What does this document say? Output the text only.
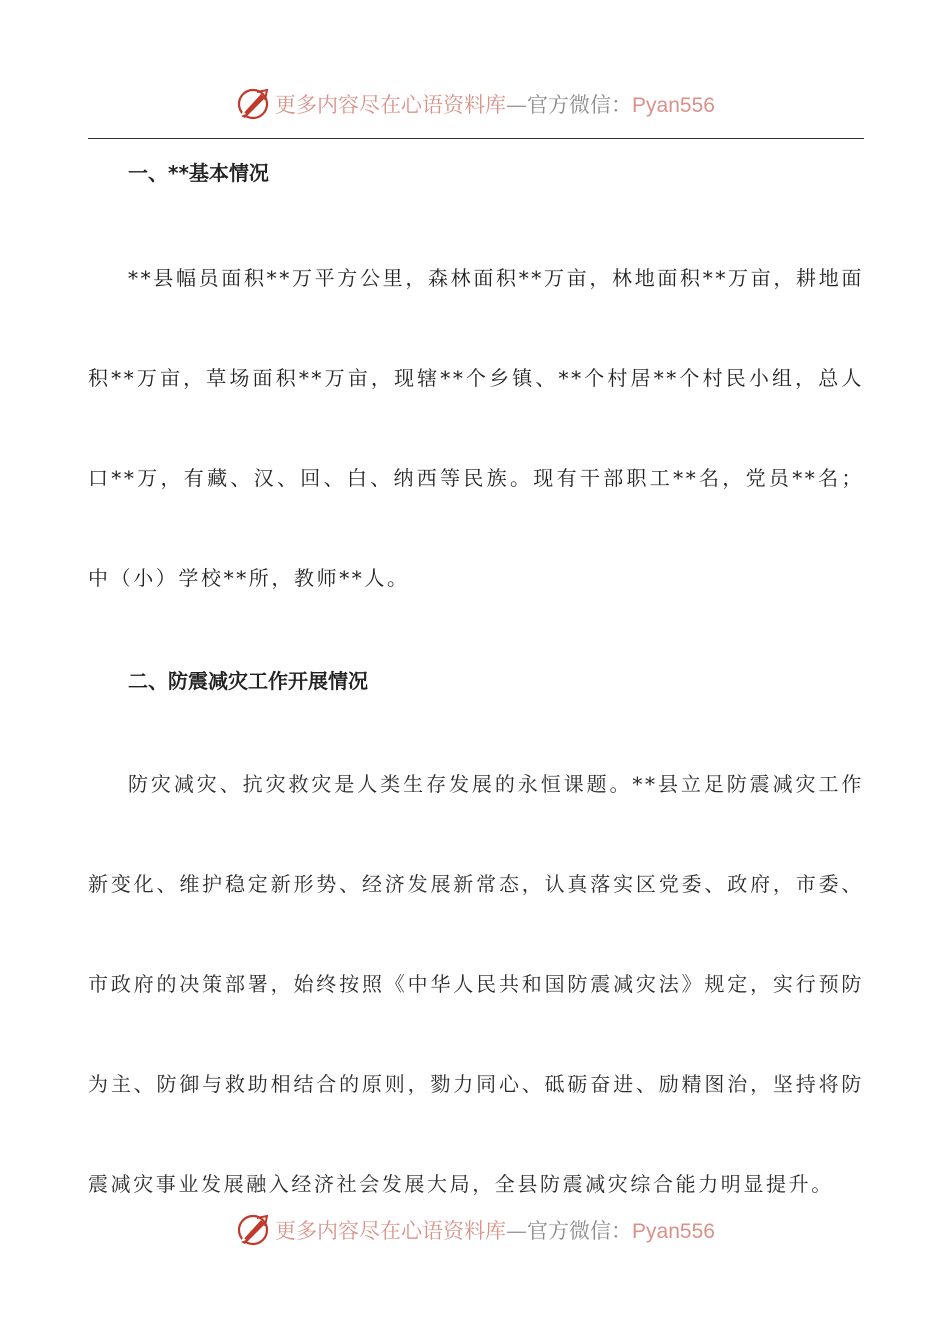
更多内容尽在心语资料库—官方微信：Pyan556
一、**基本情况

**县幅员面积**万平方公里，森林面积**万亩，林地面积**万亩，耕地面积**万亩，草场面积**万亩，现辖**个乡镇、**个村居**个村民小组，总人口**万，有藏、汉、回、白、纳西等民族。现有干部职工**名，党员**名；中（小）学校**所，教师**人。

二、防震减灾工作开展情况

防灾减灾、抗灾救灾是人类生存发展的永恒课题。**县立足防震减灾工作新变化、维护稳定新形势、经济发展新常态，认真落实区党委、政府，市委、市政府的决策部署，始终按照《中华人民共和国防震减灾法》规定，实行预防为主、防御与救助相结合的原则，勠力同心、砥砺奋进、励精图治，坚持将防震减灾事业发展融入经济社会发展大局，全县防震减灾综合能力明显提升。

更多内容尽在心语资料库—官方微信：Pyan556
